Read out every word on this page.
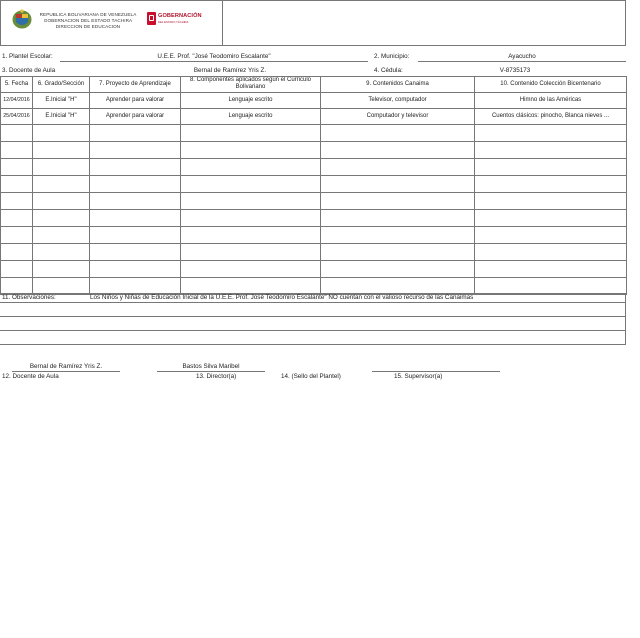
REPUBLICA BOLIVARIANA DE VENEZUELA
GOBERNACION DEL ESTADO TACHIRA
DIRECCION DE EDUCACION
GOBERNACIÓN
DEL ESTADO TÁCHIRA
1. Plantel Escolar:	U.E.E. Prof. "José Teodomiro Escalante"	2. Municipio:	Ayacucho
3. Docente de Aula	Bernal de Ramírez Yris Z.	4. Cédula:	V-8735173
5. Fecha	6. Grado/Sección	7. Proyecto de Aprendizaje	8. Componentes aplicados según el Curriculo Bolivariano	9. Contenidos Canaima	10. Contenido Colección Bicentenario
12/04/2016	E.Inicial "H"	Aprender para valorar	Lenguaje escrito	Televisor, computador	Himno de las Américas
25/04/2016	E.Inicial "H"	Aprender para valorar	Lenguaje escrito	Computador y televisor	Cuentos clásicos: pinocho, Blanca nieves ...

11. Observaciones:	Los Niños y Niñas de Educación Inicial de la U.E.E. Prof. José Teodomiro Escalante" NO cuentan con el valioso recurso de las Canaimas
Bernal de Ramírez Yris Z.	Bastos Silva Maribel
12. Docente de Aula	13. Director(a)	14. (Sello del Plantel)	15. Supervisor(a)
